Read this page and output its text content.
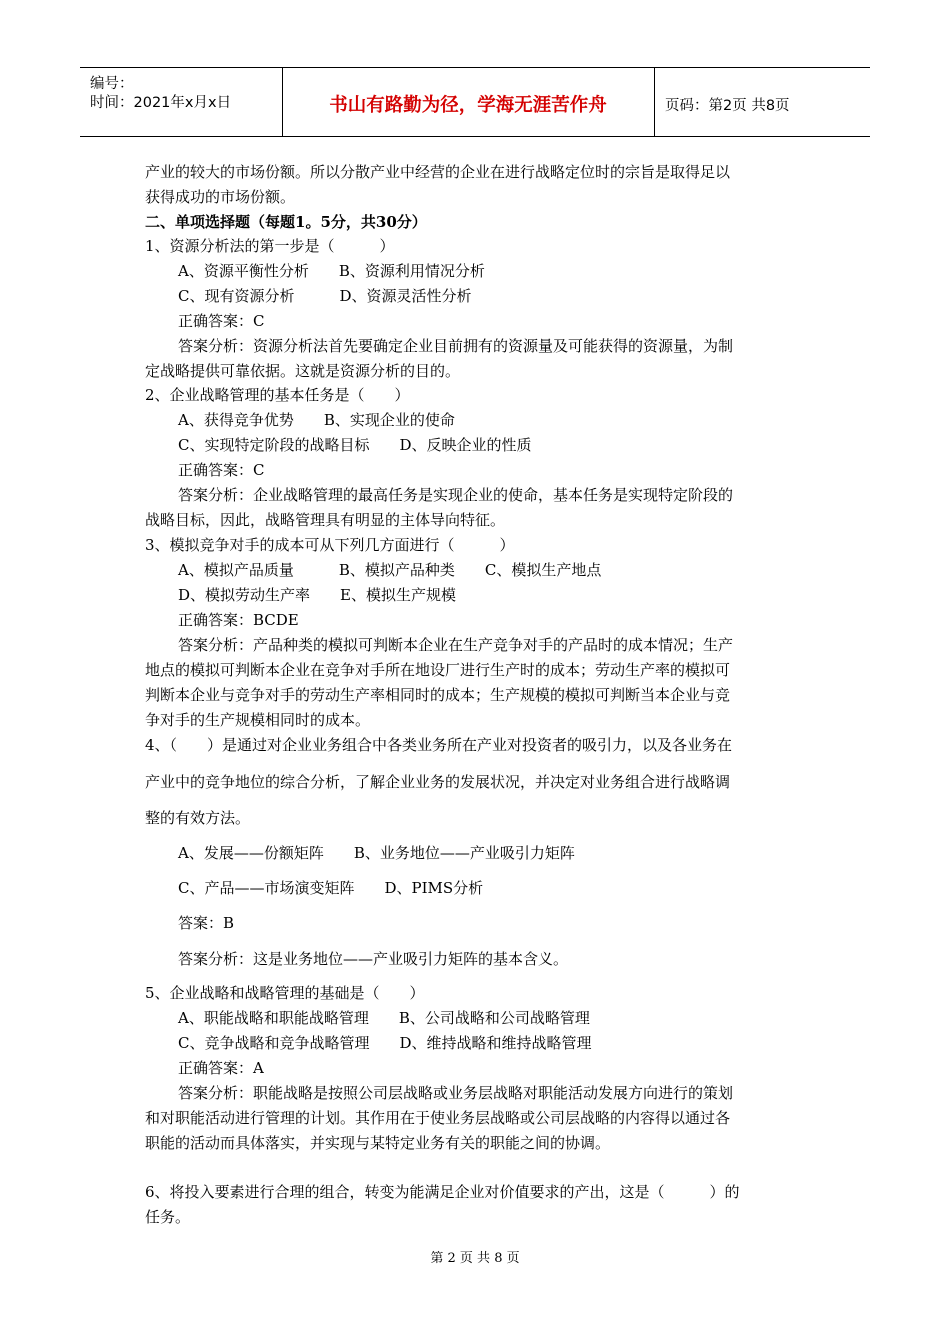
编号：
时间：2021年x月x日	书山有路勤为径，学海无涯苦作舟	页码：第2页 共8页
产业的较大的市场份额。所以分散产业中经营的企业在进行战略定位时的宗旨是取得足以
获得成功的市场份额。
二、单项选择题（每题1。5分，共30分）
1、资源分析法的第一步是（　　　）
A、资源平衡性分析　　B、资源利用情况分析
C、现有资源分析　　　D、资源灵活性分析
正确答案：C
答案分析：资源分析法首先要确定企业目前拥有的资源量及可能获得的资源量，为制
定战略提供可靠依据。这就是资源分析的目的。
2、企业战略管理的基本任务是（　　）
A、获得竞争优势　　B、实现企业的使命
C、实现特定阶段的战略目标　　D、反映企业的性质
正确答案：C
答案分析：企业战略管理的最高任务是实现企业的使命，基本任务是实现特定阶段的
战略目标，因此，战略管理具有明显的主体导向特征。
3、模拟竞争对手的成本可从下列几方面进行（　　　）
A、模拟产品质量　　　B、模拟产品种类　　C、模拟生产地点
D、模拟劳动生产率　　E、模拟生产规模
正确答案：BCDE
答案分析：产品种类的模拟可判断本企业在生产竞争对手的产品时的成本情况；生产
地点的模拟可判断本企业在竞争对手所在地设厂进行生产时的成本；劳动生产率的模拟可
判断本企业与竞争对手的劳动生产率相同时的成本；生产规模的模拟可判断当本企业与竞
争对手的生产规模相同时的成本。
4、（　　）是通过对企业业务组合中各类业务所在产业对投资者的吸引力，以及各业务在
产业中的竞争地位的综合分析，了解企业业务的发展状况，并决定对业务组合进行战略调
整的有效方法。
A、发展——份额矩阵　　B、业务地位——产业吸引力矩阵
C、产品——市场演变矩阵　　D、PIMS分析
答案：B
答案分析：这是业务地位——产业吸引力矩阵的基本含义。
5、企业战略和战略管理的基础是（　　）
A、职能战略和职能战略管理　　B、公司战略和公司战略管理
C、竞争战略和竞争战略管理　　D、维持战略和维持战略管理
正确答案：A
答案分析：职能战略是按照公司层战略或业务层战略对职能活动发展方向进行的策划
和对职能活动进行管理的计划。其作用在于使业务层战略或公司层战略的内容得以通过各
职能的活动而具体落实，并实现与某特定业务有关的职能之间的协调。
6、将投入要素进行合理的组合，转变为能满足企业对价值要求的产出，这是（　　　）的
任务。
第 2 页 共 8 页
